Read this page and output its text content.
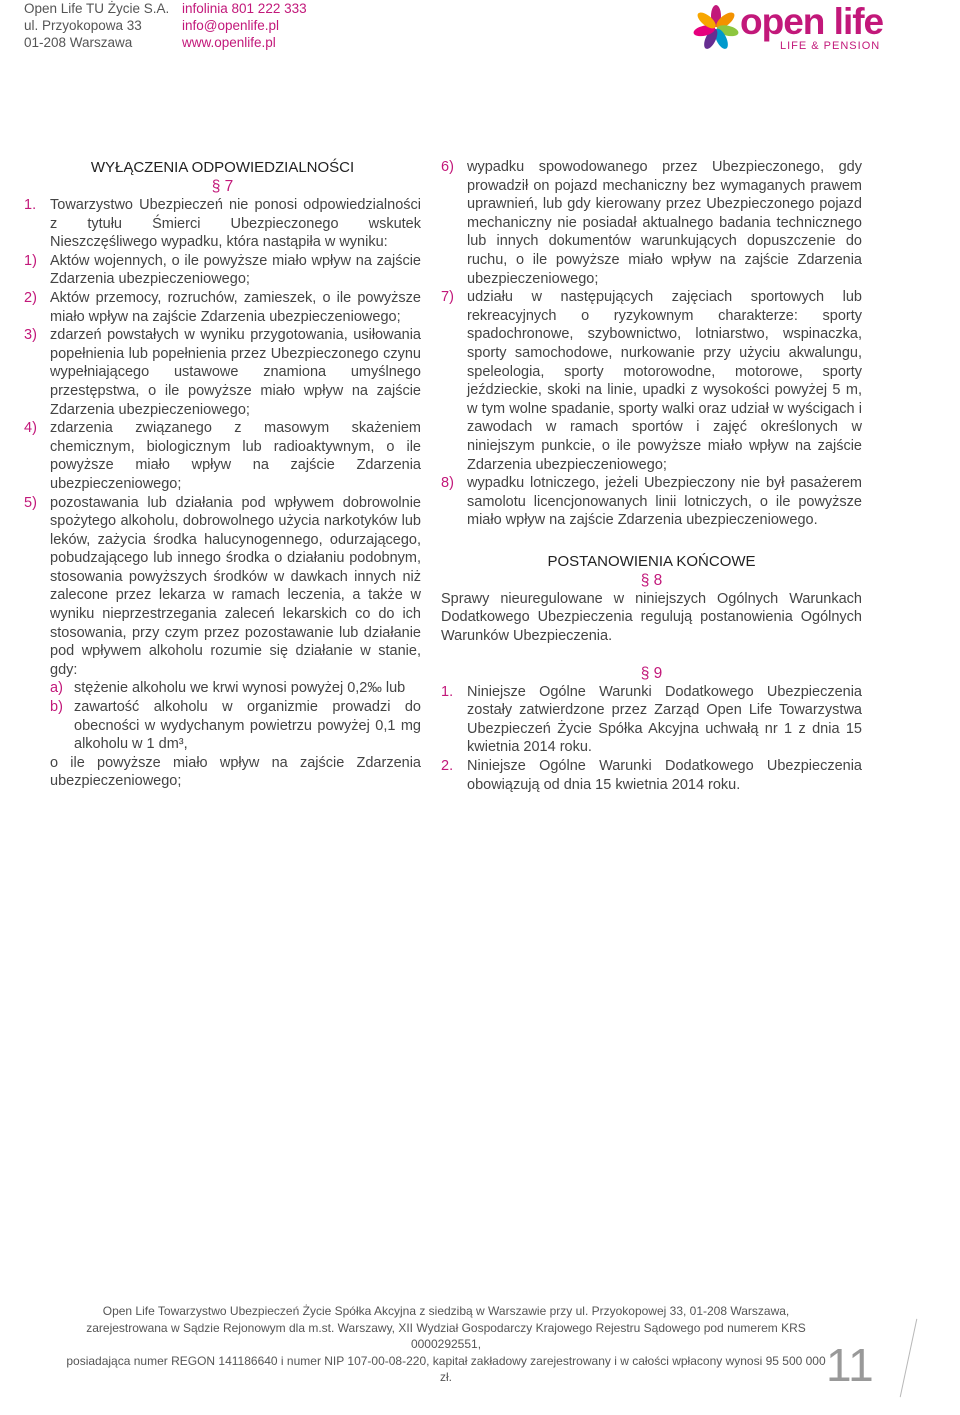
Open Life TU Życie S.A.
ul. Przyokopowa 33
01-208 Warszawa
infolinia 801 222 333
info@openlife.pl
www.openlife.pl
open life
LIFE & PENSION
WYŁĄCZENIA ODPOWIEDZIALNOŚCI
§ 7
1. Towarzystwo Ubezpieczeń nie ponosi odpowiedzialności z tytułu Śmierci Ubezpieczonego wskutek Nieszczęśliwego wypadku, która nastąpiła w wyniku:
1) Aktów wojennych, o ile powyższe miało wpływ na zajście Zdarzenia ubezpieczeniowego;
2) Aktów przemocy, rozruchów, zamieszek, o ile powyższe miało wpływ na zajście Zdarzenia ubezpieczeniowego;
3) zdarzeń powstałych w wyniku przygotowania, usiłowania popełnienia lub popełnienia przez Ubezpieczonego czynu wypełniającego ustawowe znamiona umyślnego przestępstwa, o ile powyższe miało wpływ na zajście Zdarzenia ubezpieczeniowego;
4) zdarzenia związanego z masowym skażeniem chemicznym, biologicznym lub radioaktywnym, o ile powyższe miało wpływ na zajście Zdarzenia ubezpieczeniowego;
5) pozostawania lub działania pod wpływem dobrowolnie spożytego alkoholu, dobrowolnego użycia narkotyków lub leków, zażycia środka halucynogennego, odurzającego, pobudzającego lub innego środka o działaniu podobnym, stosowania powyższych środków w dawkach innych niż zalecone przez lekarza w ramach leczenia, a także w wyniku nieprzestrzegania zaleceń lekarskich co do ich stosowania, przy czym przez pozostawanie lub działanie pod wpływem alkoholu rozumie się działanie w stanie, gdy:
a) stężenie alkoholu we krwi wynosi powyżej 0,2‰ lub
b) zawartość alkoholu w organizmie prowadzi do obecności w wydychanym powietrzu powyżej 0,1 mg alkoholu w 1 dm³,
o ile powyższe miało wpływ na zajście Zdarzenia ubezpieczeniowego;
6) wypadku spowodowanego przez Ubezpieczonego, gdy prowadził on pojazd mechaniczny bez wymaganych prawem uprawnień, lub gdy kierowany przez Ubezpieczonego pojazd mechaniczny nie posiadał aktualnego badania technicznego lub innych dokumentów warunkujących dopuszczenie do ruchu, o ile powyższe miało wpływ na zajście Zdarzenia ubezpieczeniowego;
7) udziału w następujących zajęciach sportowych lub rekreacyjnych o ryzykownym charakterze: sporty spadochronowe, szybownictwo, lotniarstwo, wspinaczka, sporty samochodowe, nurkowanie przy użyciu akwalungu, speleologia, sporty motorowodne, motorowe, sporty jeździeckie, skoki na linie, upadki z wysokości powyżej 5 m, w tym wolne spadanie, sporty walki oraz udział w wyścigach i zawodach w ramach sportów i zajęć określonych w niniejszym punkcie, o ile powyższe miało wpływ na zajście Zdarzenia ubezpieczeniowego;
8) wypadku lotniczego, jeżeli Ubezpieczony nie był pasażerem samolotu licencjonowanych linii lotniczych, o ile powyższe miało wpływ na zajście Zdarzenia ubezpieczeniowego.
POSTANOWIENIA KOŃCOWE
§ 8
Sprawy nieuregulowane w niniejszych Ogólnych Warunkach Dodatkowego Ubezpieczenia regulują postanowienia Ogólnych Warunków Ubezpieczenia.
§ 9
1. Niniejsze Ogólne Warunki Dodatkowego Ubezpieczenia zostały zatwierdzone przez Zarząd Open Life Towarzystwa Ubezpieczeń Życie Spółka Akcyjna uchwałą nr 1 z dnia 15 kwietnia 2014 roku.
2. Niniejsze Ogólne Warunki Dodatkowego Ubezpieczenia obowiązują od dnia 15 kwietnia 2014 roku.
Open Life Towarzystwo Ubezpieczeń Życie Spółka Akcyjna z siedzibą w Warszawie przy ul. Przyokopowej 33, 01-208 Warszawa,
zarejestrowana w Sądzie Rejonowym dla m.st. Warszawy, XII Wydział Gospodarczy Krajowego Rejestru Sądowego pod numerem KRS 0000292551,
posiadająca numer REGON 141186640 i numer NIP 107-00-08-220, kapitał zakładowy zarejestrowany i w całości wpłacony wynosi 95 500 000 zł.	11
